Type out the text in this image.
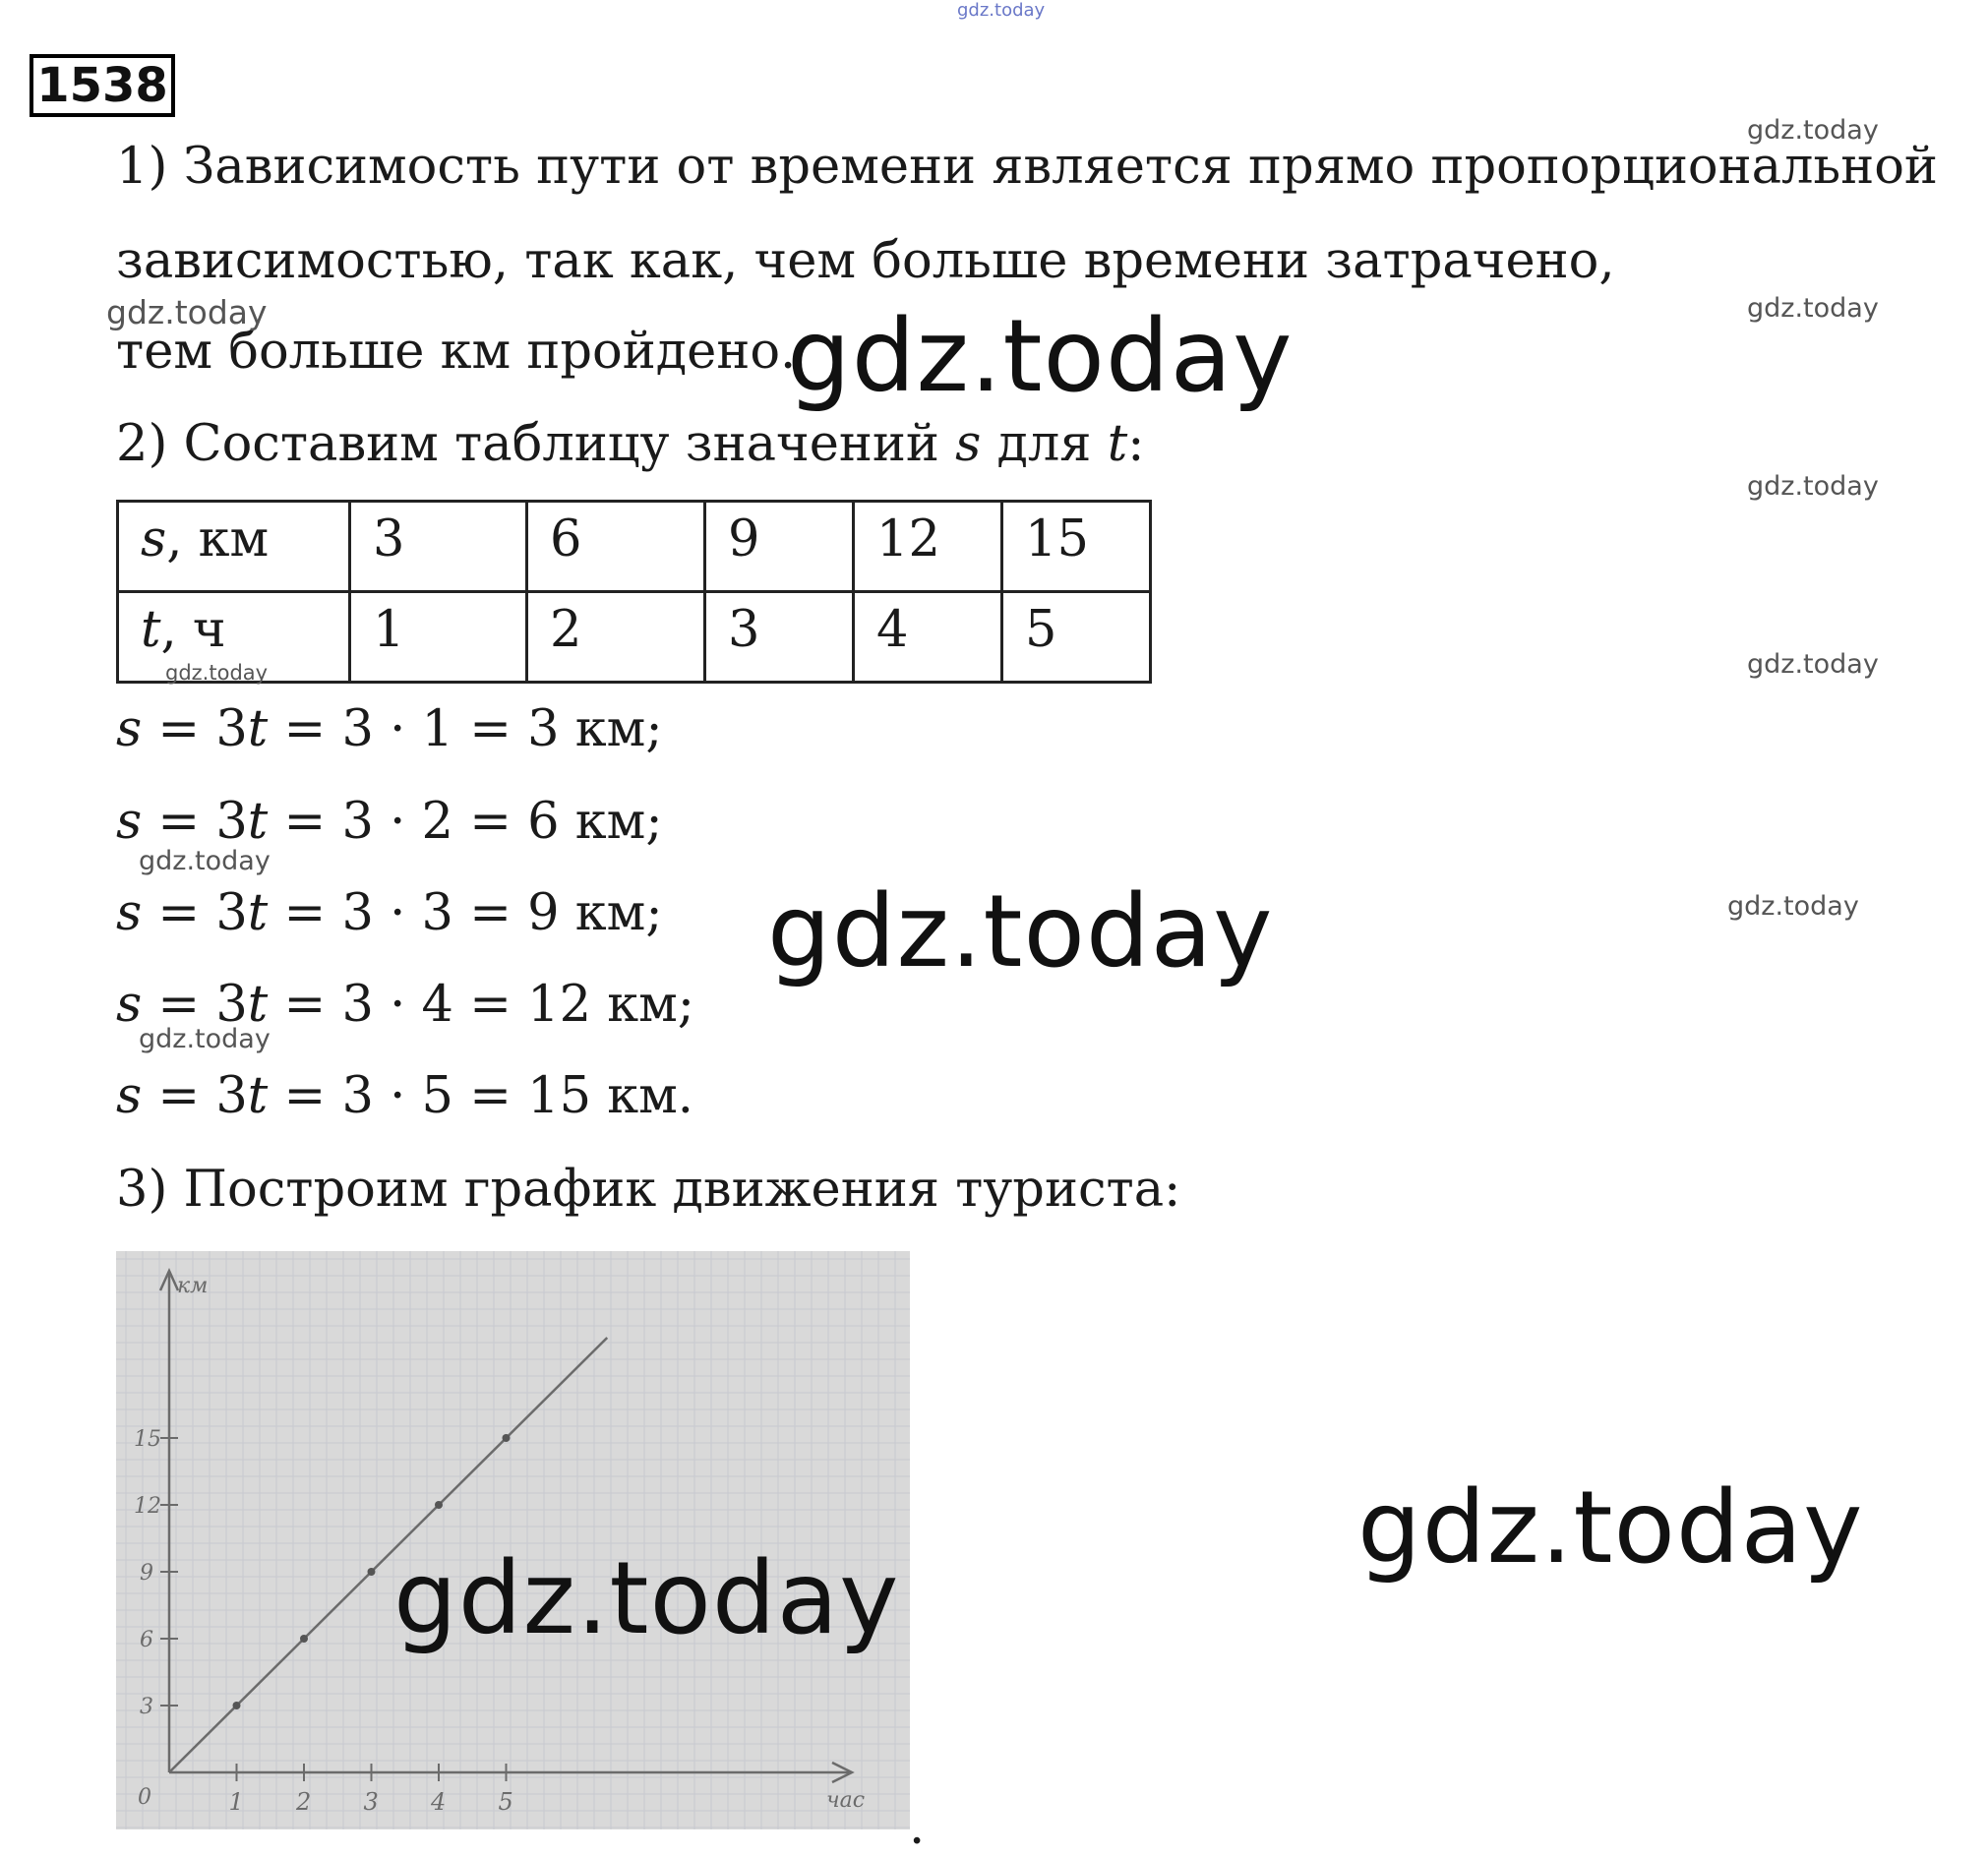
gdz.today
1538
1) Зависимость пути от времени является прямо пропорциональной
зависимостью, так как, чем больше времени затрачено,
тем больше км пройдено.
2) Составим таблицу значений s для t:
s, км	3	6	9	12	15
t, ч	1	2	3	4	5
s = 3t = 3 · 1 = 3 км;
s = 3t = 3 · 2 = 6 км;
s = 3t = 3 · 3 = 9 км;
s = 3t = 3 · 4 = 12 км;
s = 3t = 3 · 5 = 15 км.
3) Построим график движения туриста:
км
час
0	1 2 3 4 5
3
6
9
12
15
.
gdz.today
gdz.today
gdz.today
gdz.today
gdz.today
gdz.today
gdz.today
gdz.today
gdz.today
gdz.today
gdz.today
gdz.today
gdz.today
